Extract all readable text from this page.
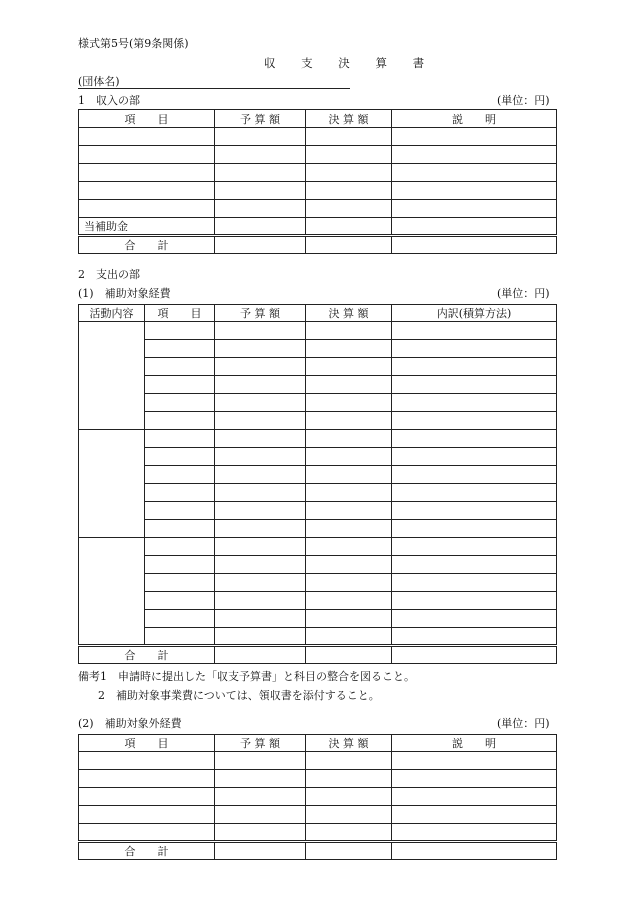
様式第5号(第9条関係)
収 支 決 算 書
(団体名)
1　収入の部	(単位：円)
項　　目	予 算 額	決 算 額	説　　明

当補助金			
合　　計			
2　支出の部
(1)　補助対象経費	(単位：円)
活動内容	項　　目	予 算 額	決 算 額	内訳(積算方法)

合　　計				
備考1　申請時に提出した「収支予算書」と科目の整合を図ること。
2　補助対象事業費については、領収書を添付すること。
(2)　補助対象外経費	(単位：円)
項　　目	予 算 額	決 算 額	説　　明

合　　計			
